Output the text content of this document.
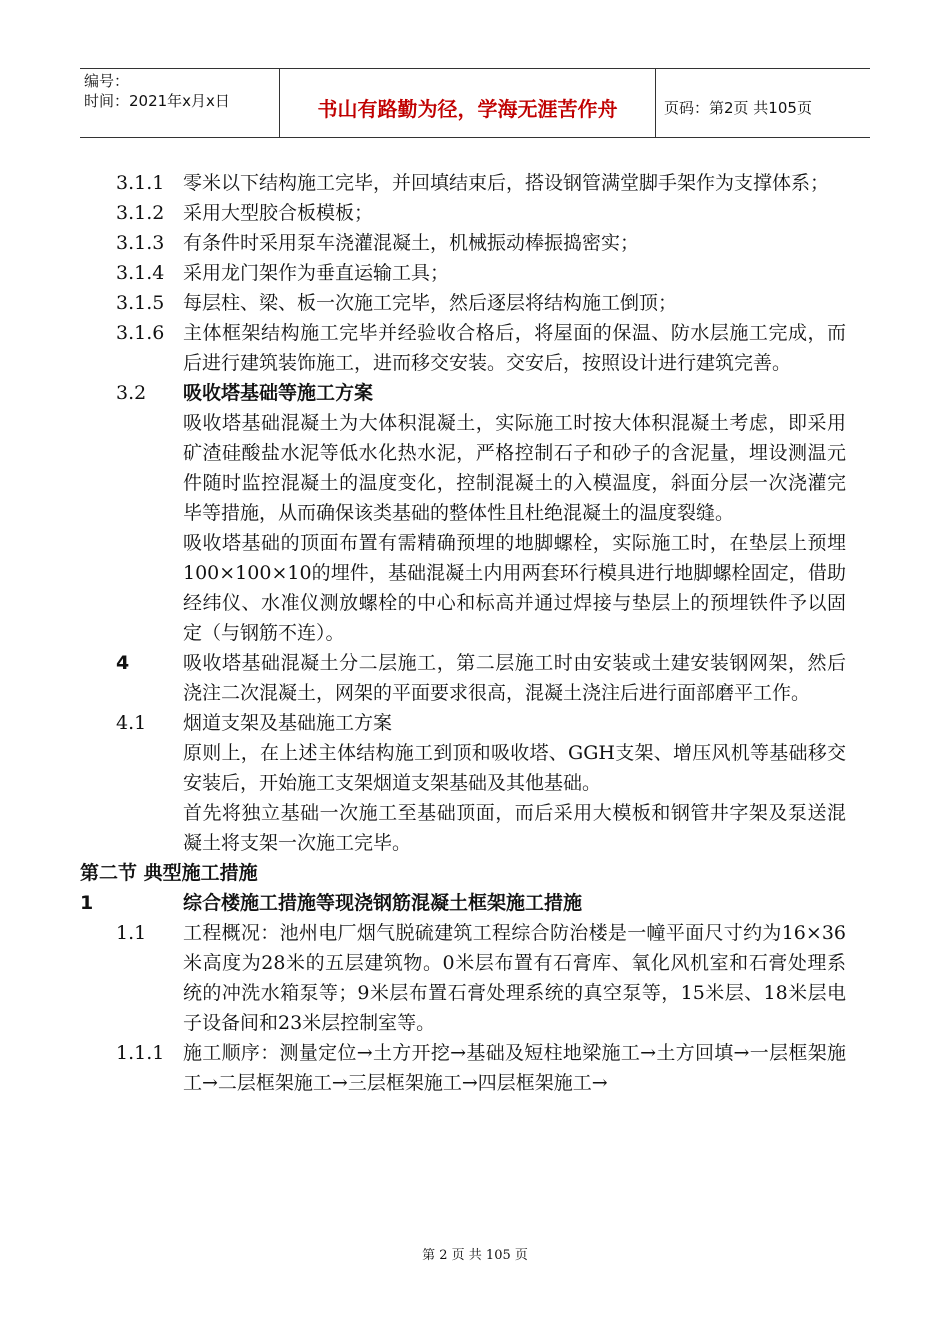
编号：
时间：2021年x月x日	书山有路勤为径，学海无涯苦作舟	页码：第2页 共105页
3.1.1 零米以下结构施工完毕，并回填结束后，搭设钢管满堂脚手架作为支撑体系；
3.1.2 采用大型胶合板模板；
3.1.3 有条件时采用泵车浇灌混凝土，机械振动棒振捣密实；
3.1.4 采用龙门架作为垂直运输工具；
3.1.5 每层柱、梁、板一次施工完毕，然后逐层将结构施工倒顶；
3.1.6 主体框架结构施工完毕并经验收合格后，将屋面的保温、防水层施工完成，而后进行建筑装饰施工，进而移交安装。交安后，按照设计进行建筑完善。
3.2	吸收塔基础等施工方案
吸收塔基础混凝土为大体积混凝土，实际施工时按大体积混凝土考虑，即采用矿渣硅酸盐水泥等低水化热水泥，严格控制石子和砂子的含泥量，埋设测温元件随时监控混凝土的温度变化，控制混凝土的入模温度，斜面分层一次浇灌完毕等措施，从而确保该类基础的整体性且杜绝混凝土的温度裂缝。
吸收塔基础的顶面布置有需精确预埋的地脚螺栓，实际施工时，在垫层上预埋100×100×10的埋件，基础混凝土内用两套环行模具进行地脚螺栓固定，借助经纬仪、水准仪测放螺栓的中心和标高并通过焊接与垫层上的预埋铁件予以固定（与钢筋不连）。
4	吸收塔基础混凝土分二层施工，第二层施工时由安装或土建安装钢网架，然后浇注二次混凝土，网架的平面要求很高，混凝土浇注后进行面部磨平工作。
4.1	烟道支架及基础施工方案
原则上，在上述主体结构施工到顶和吸收塔、GGH支架、增压风机等基础移交安装后，开始施工支架烟道支架基础及其他基础。
首先将独立基础一次施工至基础顶面，而后采用大模板和钢管井字架及泵送混凝土将支架一次施工完毕。
第二节 典型施工措施
1	综合楼施工措施等现浇钢筋混凝土框架施工措施
1.1	工程概况：池州电厂烟气脱硫建筑工程综合防治楼是一幢平面尺寸约为16×36米高度为28米的五层建筑物。0米层布置有石膏库、氧化风机室和石膏处理系统的冲洗水箱泵等；9米层布置石膏处理系统的真空泵等，15米层、18米层电子设备间和23米层控制室等。
1.1.1 施工顺序：测量定位→土方开挖→基础及短柱地梁施工→土方回填→一层框架施工→二层框架施工→三层框架施工→四层框架施工→
第 2 页 共 105 页
